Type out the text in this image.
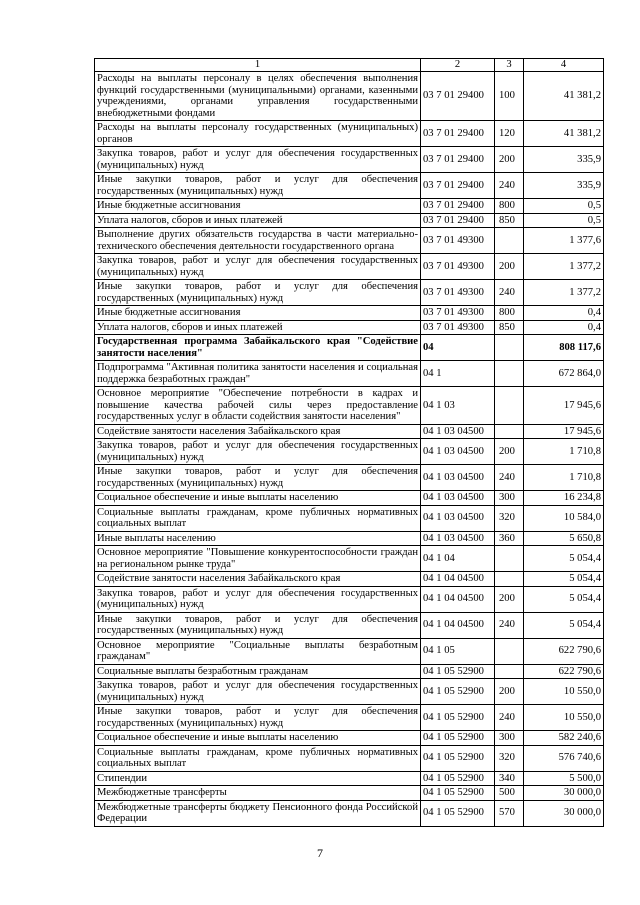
1	2	3	4
Расходы на выплаты персоналу в целях обеспечения выполнения функций государственными (муниципальными) органами, казенными учреждениями, органами управления государственными внебюджетными фондами	03 7 01 29400	100	41 381,2
Расходы на выплаты персоналу государственных (муниципальных) органов	03 7 01 29400	120	41 381,2
Закупка товаров, работ и услуг для обеспечения государственных (муниципальных) нужд	03 7 01 29400	200	335,9
Иные закупки товаров, работ и услуг для обеспечения государственных (муниципальных) нужд	03 7 01 29400	240	335,9
Иные бюджетные ассигнования	03 7 01 29400	800	0,5
Уплата налогов, сборов и иных платежей	03 7 01 29400	850	0,5
Выполнение других обязательств государства в части материально-технического обеспечения деятельности государственного органа	03 7 01 49300		1 377,6
Закупка товаров, работ и услуг для обеспечения государственных (муниципальных) нужд	03 7 01 49300	200	1 377,2
Иные закупки товаров, работ и услуг для обеспечения государственных (муниципальных) нужд	03 7 01 49300	240	1 377,2
Иные бюджетные ассигнования	03 7 01 49300	800	0,4
Уплата налогов, сборов и иных платежей	03 7 01 49300	850	0,4
Государственная программа Забайкальского края "Содействие занятости населения"	04		808 117,6
Подпрограмма "Активная политика занятости населения и социальная поддержка безработных граждан"	04 1		672 864,0
Основное мероприятие "Обеспечение потребности в кадрах и повышение качества рабочей силы через предоставление государственных услуг в области содействия занятости населения"	04 1 03		17 945,6
Содействие занятости населения Забайкальского края	04 1 03 04500		17 945,6
Закупка товаров, работ и услуг для обеспечения государственных (муниципальных) нужд	04 1 03 04500	200	1 710,8
Иные закупки товаров, работ и услуг для обеспечения государственных (муниципальных) нужд	04 1 03 04500	240	1 710,8
Социальное обеспечение и иные выплаты населению	04 1 03 04500	300	16 234,8
Социальные выплаты гражданам, кроме публичных нормативных социальных выплат	04 1 03 04500	320	10 584,0
Иные выплаты населению	04 1 03 04500	360	5 650,8
Основное мероприятие "Повышение конкурентоспособности граждан на региональном рынке труда"	04 1 04		5 054,4
Содействие занятости населения Забайкальского края	04 1 04 04500		5 054,4
Закупка товаров, работ и услуг для обеспечения государственных (муниципальных) нужд	04 1 04 04500	200	5 054,4
Иные закупки товаров, работ и услуг для обеспечения государственных (муниципальных) нужд	04 1 04 04500	240	5 054,4
Основное мероприятие "Социальные выплаты безработным гражданам"	04 1 05		622 790,6
Социальные выплаты безработным гражданам	04 1 05 52900		622 790,6
Закупка товаров, работ и услуг для обеспечения государственных (муниципальных) нужд	04 1 05 52900	200	10 550,0
Иные закупки товаров, работ и услуг для обеспечения государственных (муниципальных) нужд	04 1 05 52900	240	10 550,0
Социальное обеспечение и иные выплаты населению	04 1 05 52900	300	582 240,6
Социальные выплаты гражданам, кроме публичных нормативных социальных выплат	04 1 05 52900	320	576 740,6
Стипендии	04 1 05 52900	340	5 500,0
Межбюджетные трансферты	04 1 05 52900	500	30 000,0
Межбюджетные трансферты бюджету Пенсионного фонда Российской Федерации	04 1 05 52900	570	30 000,0
7
